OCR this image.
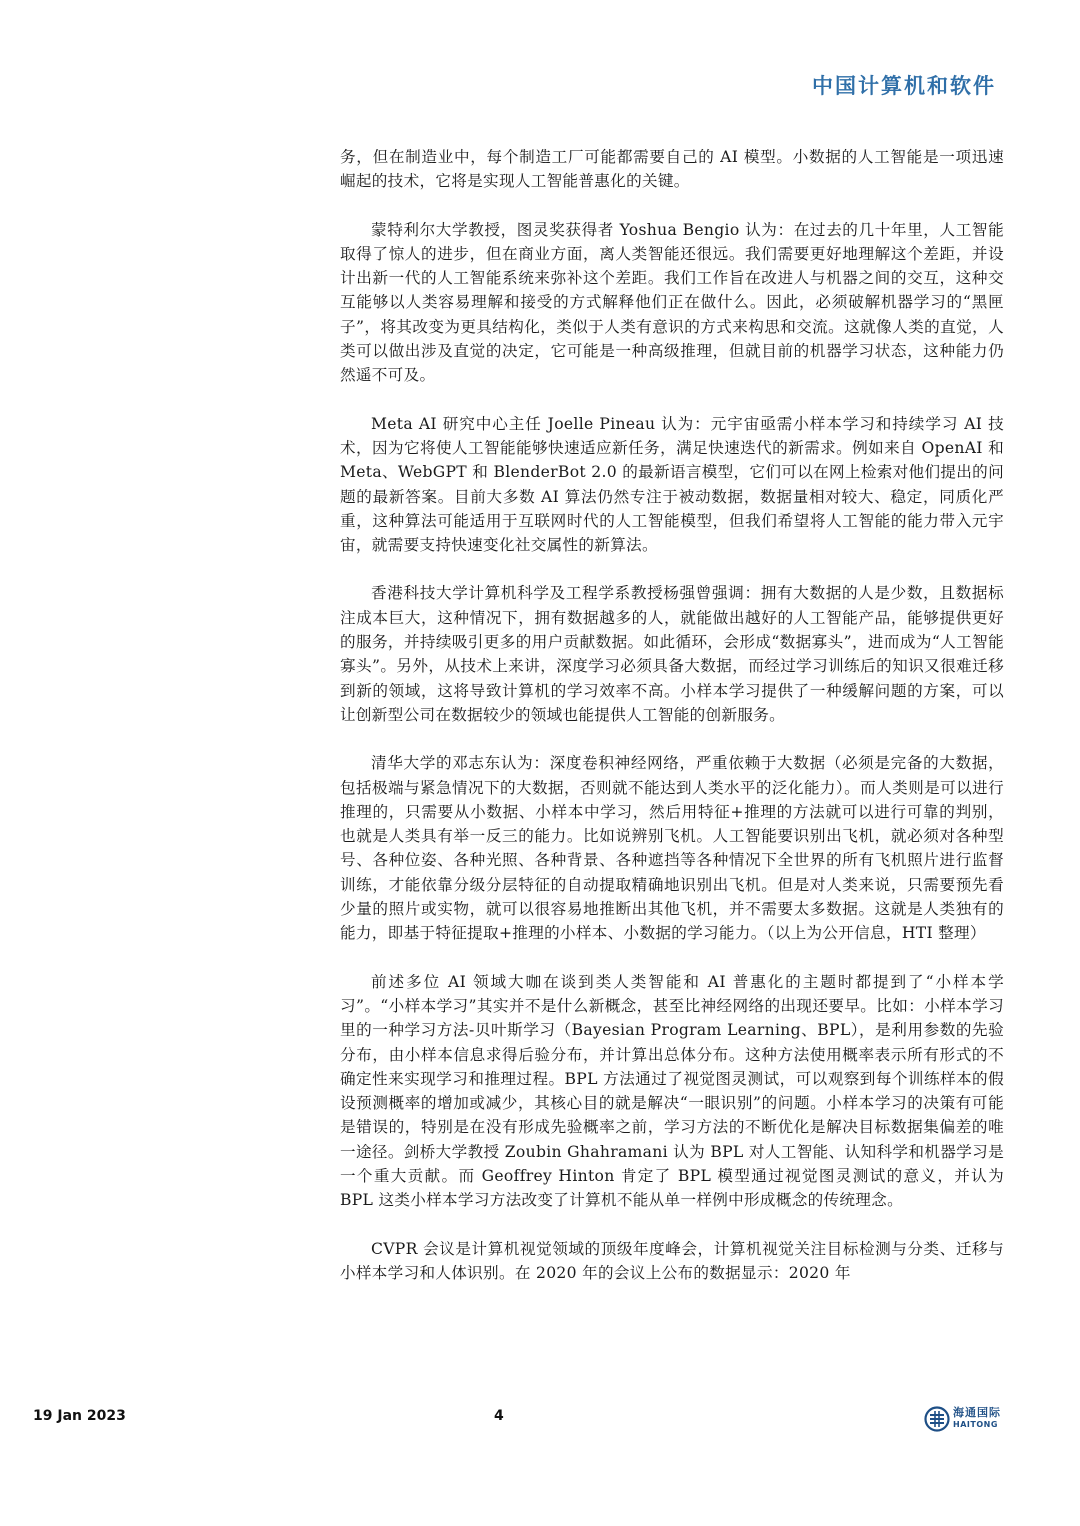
中国计算机和软件

务，但在制造业中，每个制造工厂可能都需要自己的 AI 模型。小数据的人工智能是一项迅速崛起的技术，它将是实现人工智能普惠化的关键。

蒙特利尔大学教授，图灵奖获得者 Yoshua Bengio 认为：在过去的几十年里，人工智能取得了惊人的进步，但在商业方面，离人类智能还很远。我们需要更好地理解这个差距，并设计出新一代的人工智能系统来弥补这个差距。我们工作旨在改进人与机器之间的交互，这种交互能够以人类容易理解和接受的方式解释他们正在做什么。因此，必须破解机器学习的“黑匣子”，将其改变为更具结构化，类似于人类有意识的方式来构思和交流。这就像人类的直觉，人类可以做出涉及直觉的决定，它可能是一种高级推理，但就目前的机器学习状态，这种能力仍然遥不可及。

Meta AI 研究中心主任 Joelle Pineau 认为：元宇宙亟需小样本学习和持续学习 AI 技术，因为它将使人工智能能够快速适应新任务，满足快速迭代的新需求。例如来自 OpenAI 和 Meta、WebGPT 和 BlenderBot 2.0 的最新语言模型，它们可以在网上检索对他们提出的问题的最新答案。目前大多数 AI 算法仍然专注于被动数据，数据量相对较大、稳定，同质化严重，这种算法可能适用于互联网时代的人工智能模型，但我们希望将人工智能的能力带入元宇宙，就需要支持快速变化社交属性的新算法。

香港科技大学计算机科学及工程学系教授杨强曾强调：拥有大数据的人是少数，且数据标注成本巨大，这种情况下，拥有数据越多的人，就能做出越好的人工智能产品，能够提供更好的服务，并持续吸引更多的用户贡献数据。如此循环，会形成“数据寡头”，进而成为“人工智能寡头”。另外，从技术上来讲，深度学习必须具备大数据，而经过学习训练后的知识又很难迁移到新的领域，这将导致计算机的学习效率不高。小样本学习提供了一种缓解问题的方案，可以让创新型公司在数据较少的领域也能提供人工智能的创新服务。

清华大学的邓志东认为：深度卷积神经网络，严重依赖于大数据（必须是完备的大数据，包括极端与紧急情况下的大数据，否则就不能达到人类水平的泛化能力）。而人类则是可以进行推理的，只需要从小数据、小样本中学习，然后用特征+推理的方法就可以进行可靠的判别，也就是人类具有举一反三的能力。比如说辨别飞机。人工智能要识别出飞机，就必须对各种型号、各种位姿、各种光照、各种背景、各种遮挡等各种情况下全世界的所有飞机照片进行监督训练，才能依靠分级分层特征的自动提取精确地识别出飞机。但是对人类来说，只需要预先看少量的照片或实物，就可以很容易地推断出其他飞机，并不需要太多数据。这就是人类独有的能力，即基于特征提取+推理的小样本、小数据的学习能力。（以上为公开信息，HTI 整理）

前述多位 AI 领域大咖在谈到类人类智能和 AI 普惠化的主题时都提到了“小样本学习”。“小样本学习”其实并不是什么新概念，甚至比神经网络的出现还要早。比如：小样本学习里的一种学习方法-贝叶斯学习（Bayesian Program Learning、BPL），是利用参数的先验分布，由小样本信息求得后验分布，并计算出总体分布。这种方法使用概率表示所有形式的不确定性来实现学习和推理过程。BPL 方法通过了视觉图灵测试，可以观察到每个训练样本的假设预测概率的增加或减少，其核心目的就是解决“一眼识别”的问题。小样本学习的决策有可能是错误的，特别是在没有形成先验概率之前，学习方法的不断优化是解决目标数据集偏差的唯一途径。剑桥大学教授 Zoubin Ghahramani 认为 BPL 对人工智能、认知科学和机器学习是一个重大贡献。而 Geoffrey Hinton 肯定了 BPL 模型通过视觉图灵测试的意义，并认为 BPL 这类小样本学习方法改变了计算机不能从单一样例中形成概念的传统理念。

CVPR 会议是计算机视觉领域的顶级年度峰会，计算机视觉关注目标检测与分类、迁移与小样本学习和人体识别。在 2020 年的会议上公布的数据显示：2020 年

19 Jan 2023	4	海通国际
HAITONG
